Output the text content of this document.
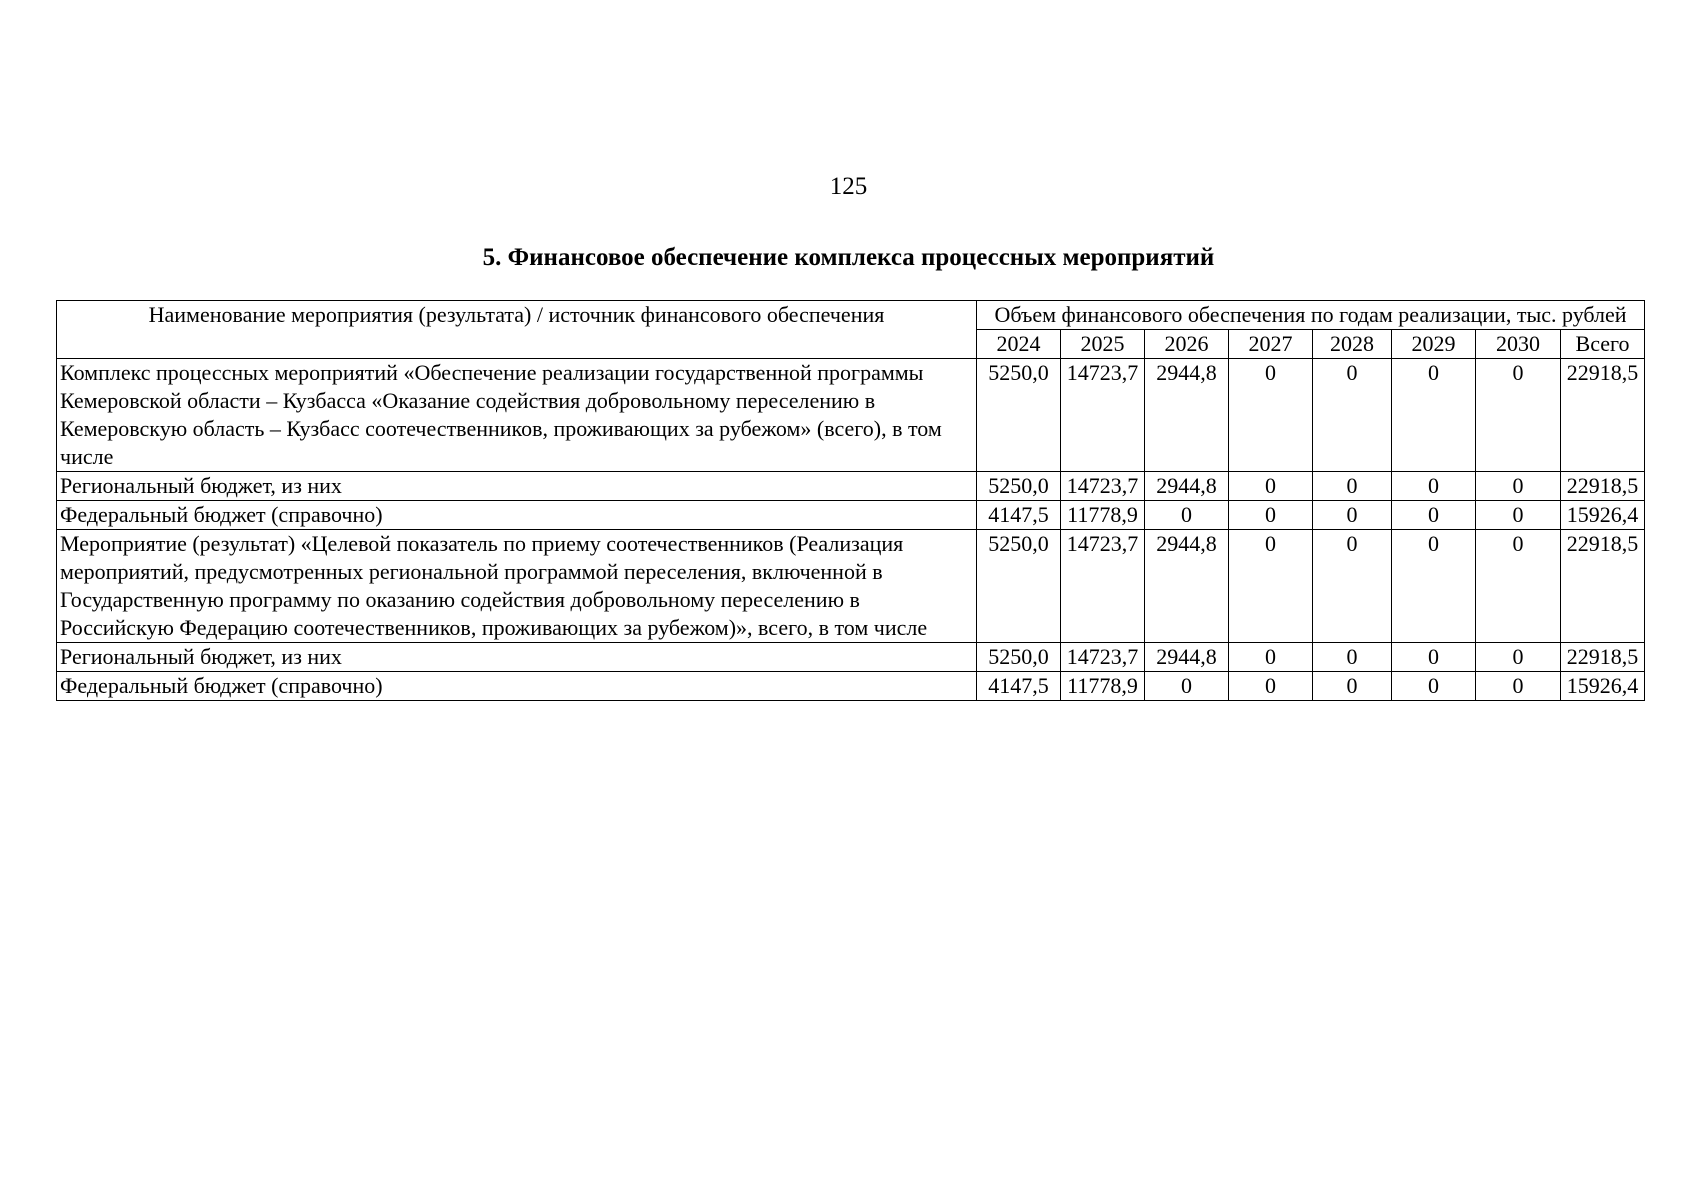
125
5. Финансовое обеспечение комплекса процессных мероприятий
Наименование мероприятия (результата) / источник финансового обеспечения	Объем финансового обеспечения по годам реализации, тыс. рублей							
	2024	2025	2026	2027	2028	2029	2030	Всего
Комплекс процессных мероприятий «Обеспечение реализации государственной программы Кемеровской области – Кузбасса «Оказание содействия добровольному переселению в Кемеровскую область – Кузбасс соотечественников, проживающих за рубежом» (всего), в том числе	5250,0	14723,7	2944,8	0	0	0	0	22918,5
Региональный бюджет, из них	5250,0	14723,7	2944,8	0	0	0	0	22918,5
Федеральный бюджет (справочно)	4147,5	11778,9	0	0	0	0	0	15926,4
Мероприятие (результат) «Целевой показатель по приему соотечественников (Реализация мероприятий, предусмотренных региональной программой переселения, включенной в Государственную программу по оказанию содействия добровольному переселению в Российскую Федерацию соотечественников, проживающих за рубежом)», всего, в том числе	5250,0	14723,7	2944,8	0	0	0	0	22918,5
Региональный бюджет, из них	5250,0	14723,7	2944,8	0	0	0	0	22918,5
Федеральный бюджет (справочно)	4147,5	11778,9	0	0	0	0	0	15926,4
